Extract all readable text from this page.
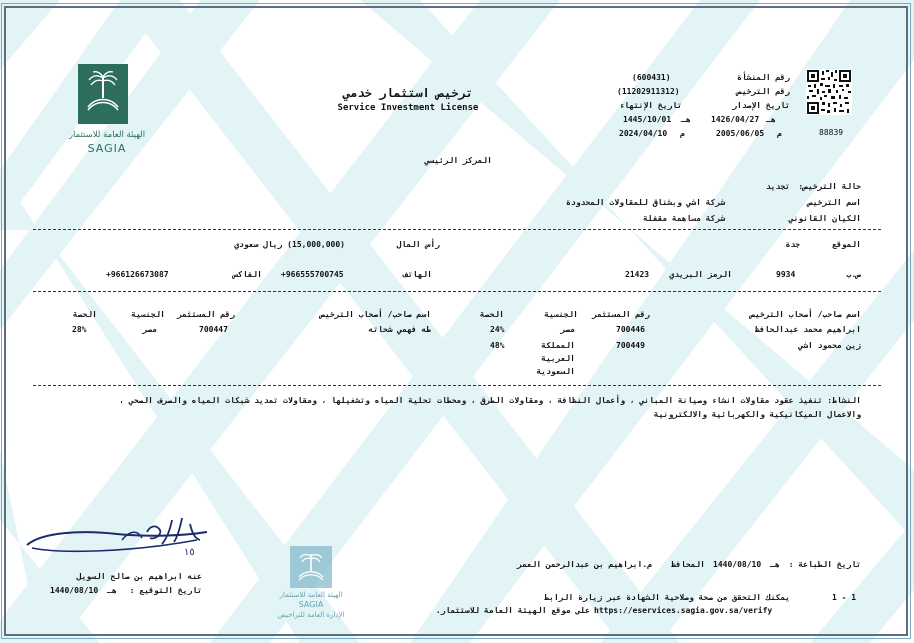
الهيئة العامة للاستثمار
SAGIA
ترخيص استثمار خدمي
Service Investment License
88839
رقم المنشأة
(600431)
رقم الترخيص
(11202911312)
تاريخ الإصدار
تاريخ الإنتهاء
هـ
1426/04/27
هـ
1445/10/01
م
2005/06/05
م
2024/04/10
المركز الرئيسي
حالة الترخيص:
تجديد
اسم الترخيص
شركة اشي وبشناق للمقاولات المحدودة
الكيان القانوني
شركة مساهمة مقفلة
الموقع
جدة
رأس المال
(15,000,000) ريال سعودي
ص.ب
9934
الرمز البريدي
21423
الهاتف
+966555700745
الفاكس
+966126673087
اسم صاحب/ أصحاب الترخيص
رقم المستثمر
الجنسية
الحصة
اسم صاحب/ أصحاب الترخيص
رقم المستثمر
الجنسية
الحصة
ابراهيم محمد عبدالحافظ
700446
مصر
24%
زين محمود اشي
700449
المملكة
العربية
السعودية
48%
طه فهمي شحاته
700447
مصر
28%
النشاط: تنفيذ عقود مقاولات انشاء وصيانة المباني ، وأعمال النظافة ، ومقاولات الطرق ، ومحطات تحلية المياه وتشغيلها ، ومقاولات تمديد شبكات المياه والصرف الصحي ،
والاعمال الميكانيكية والكهربائية والالكترونية
١٥
عنه ابراهيم بن صالح السويل
تاريخ التوقيع :
هـ
1440/08/10	الهيئة العامة للاستثمار
SAGIA
الإدارة العامة للتراخيص
تاريخ الطباعة :
هـ
1440/08/10
المحافظ
م.ابراهيم بن عبدالرحمن العمر
1 - 1
يمكنك التحقق من صحة وصلاحية الشهادة عبر زيارة الرابط
https://eservices.sagia.gov.sa/verify
على موقع الهيئة العامة للاستثمار.
